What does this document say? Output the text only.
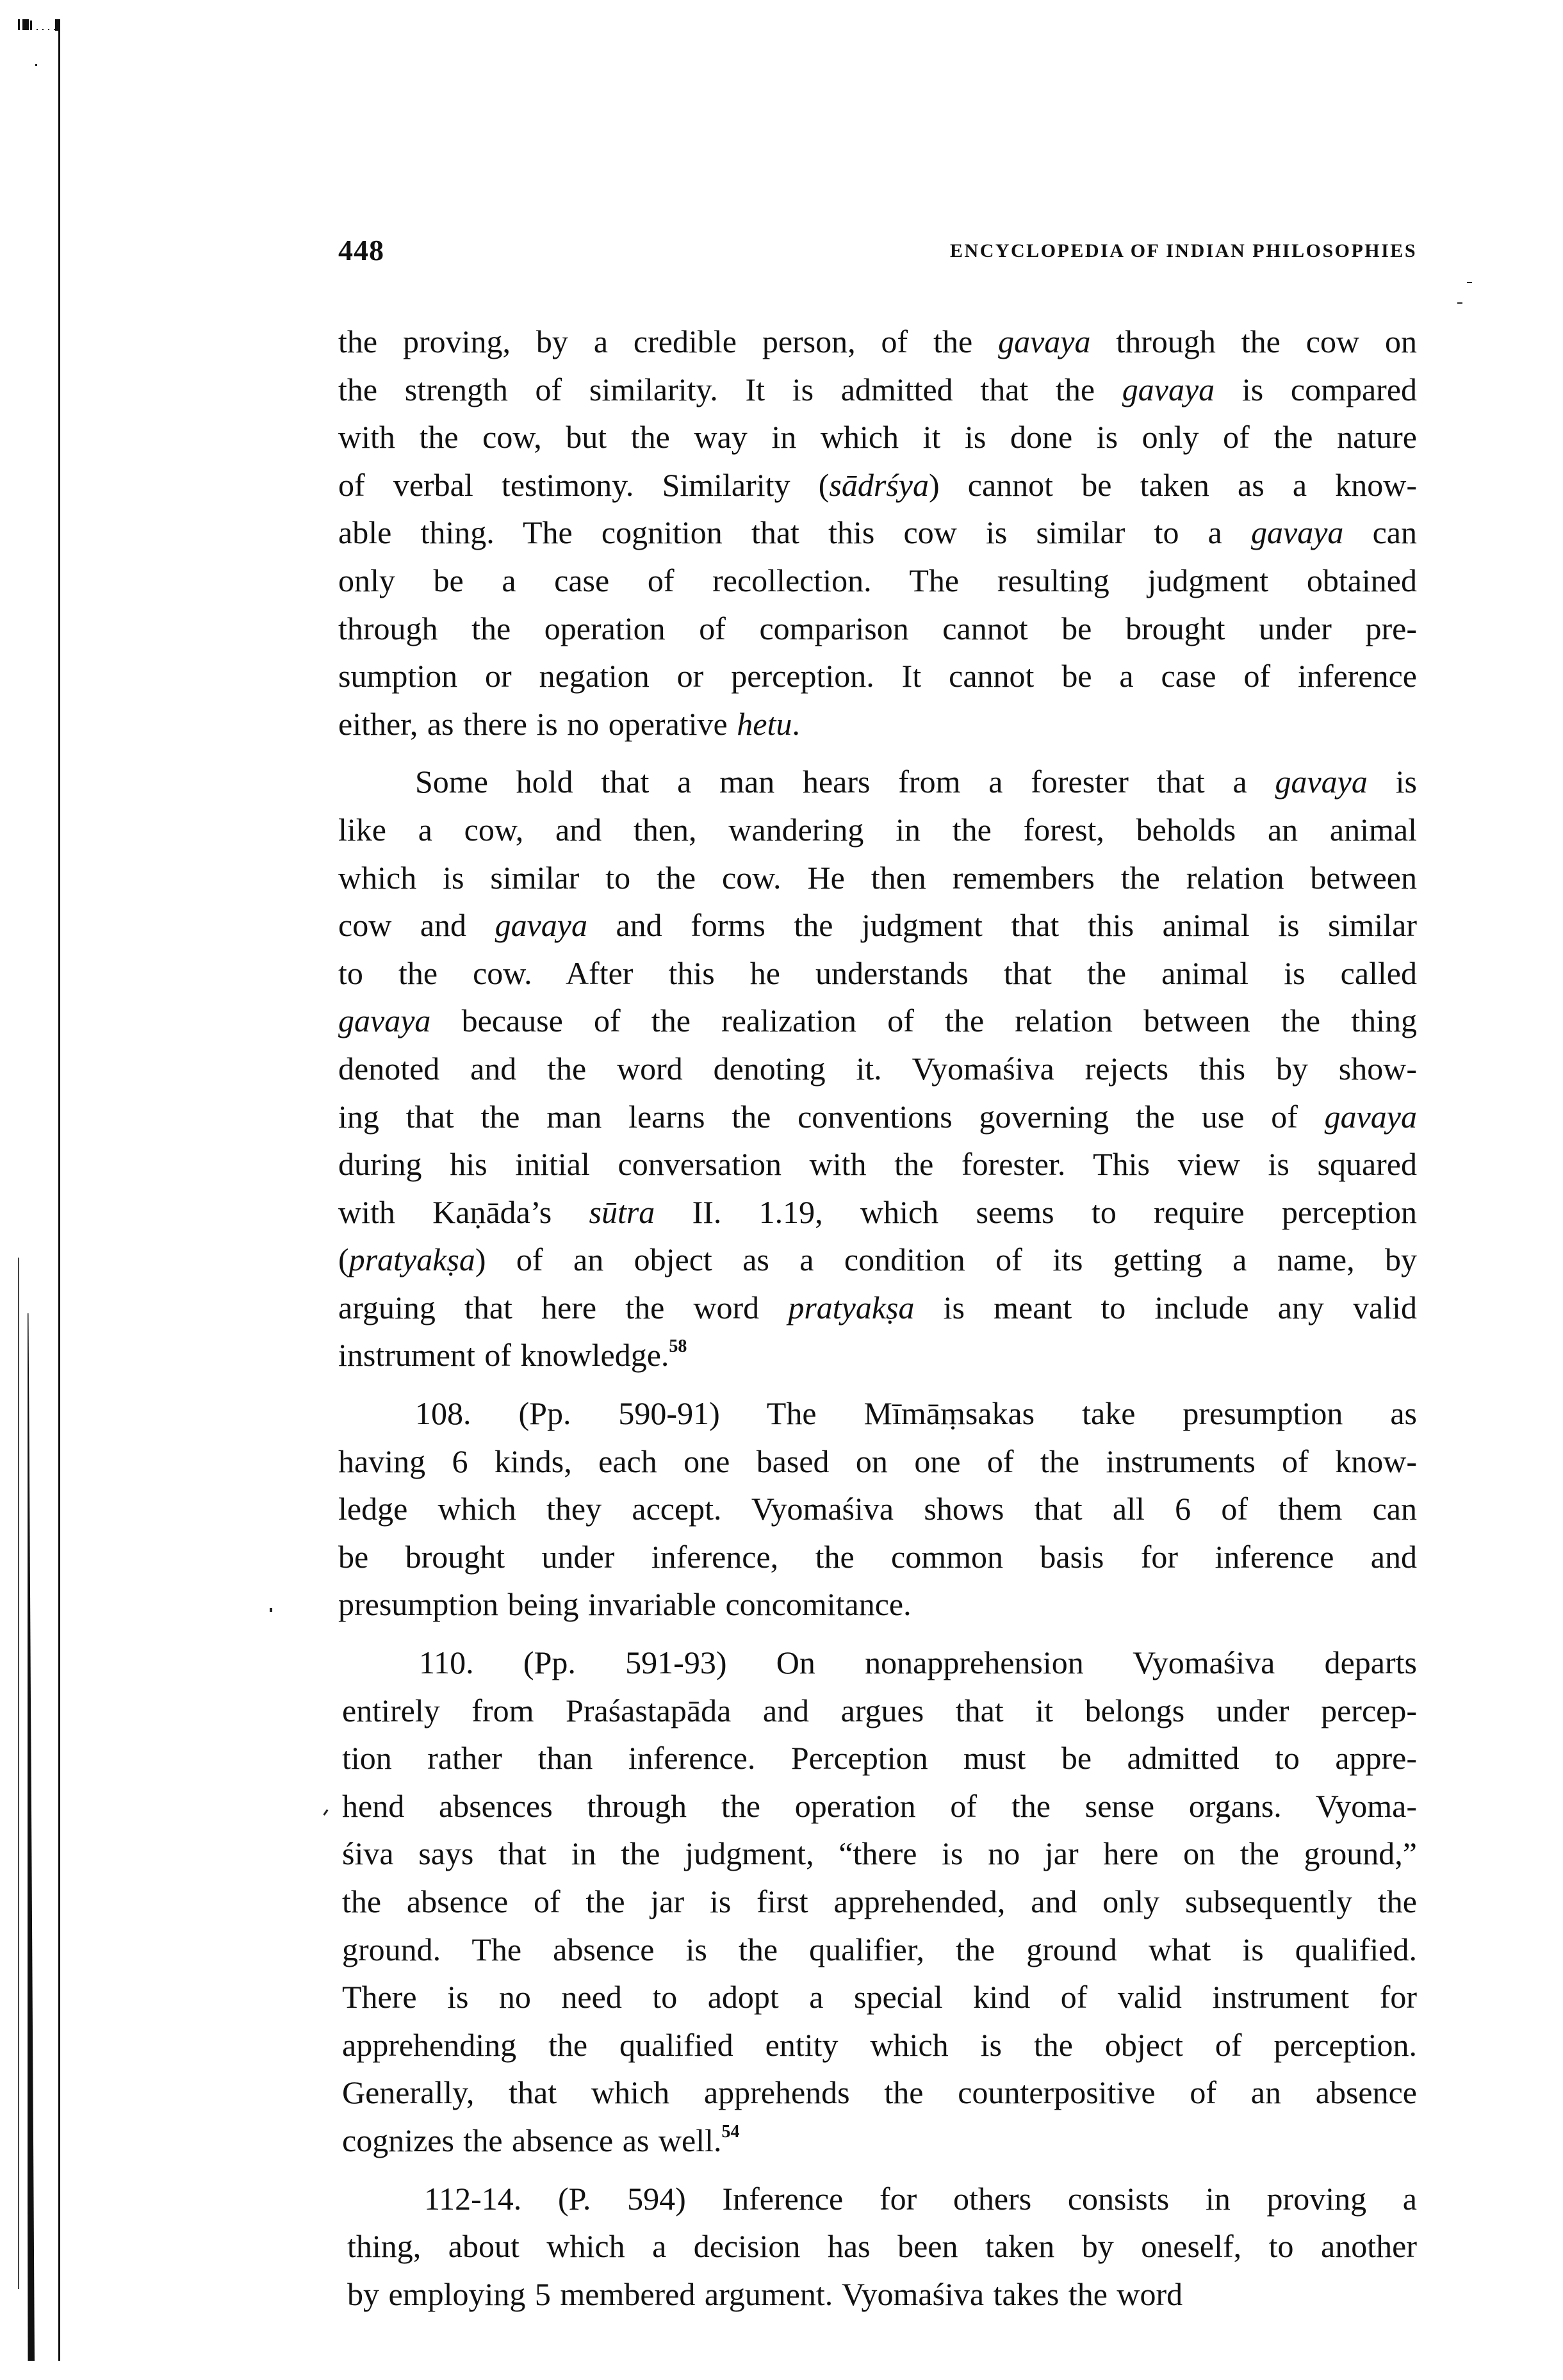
448	ENCYCLOPEDIA OF INDIAN PHILOSOPHIES

the proving, by a credible person, of the gavaya through the cow on
the strength of similarity. It is admitted that the gavaya is compared
with the cow, but the way in which it is done is only of the nature
of verbal testimony. Similarity (sādrśya) cannot be taken as a know-
able thing. The cognition that this cow is similar to a gavaya can
only be a case of recollection. The resulting judgment obtained
through the operation of comparison cannot be brought under pre-
sumption or negation or perception. It cannot be a case of inference
either, as there is no operative hetu.

Some hold that a man hears from a forester that a gavaya is
like a cow, and then, wandering in the forest, beholds an animal
which is similar to the cow. He then remembers the relation between
cow and gavaya and forms the judgment that this animal is similar
to the cow. After this he understands that the animal is called
gavaya because of the realization of the relation between the thing
denoted and the word denoting it. Vyomaśiva rejects this by show-
ing that the man learns the conventions governing the use of gavaya
during his initial conversation with the forester. This view is squared
with Kaṇāda’s sūtra II. 1.19, which seems to require perception
(pratyakṣa) of an object as a condition of its getting a name, by
arguing that here the word pratyakṣa is meant to include any valid
instrument of knowledge.$^{58}$

108. (Pp. 590-91) The Mīmāṃsakas take presumption as
having 6 kinds, each one based on one of the instruments of know-
ledge which they accept. Vyomaśiva shows that all 6 of them can
be brought under inference, the common basis for inference and
presumption being invariable concomitance.

110. (Pp. 591-93) On nonapprehension Vyomaśiva departs
entirely from Praśastapāda and argues that it belongs under percep-
tion rather than inference. Perception must be admitted to appre-
hend absences through the operation of the sense organs. Vyoma-
śiva says that in the judgment, “there is no jar here on the ground,”
the absence of the jar is first apprehended, and only subsequently the
ground. The absence is the qualifier, the ground what is qualified.
There is no need to adopt a special kind of valid instrument for
apprehending the qualified entity which is the object of perception.
Generally, that which apprehends the counterpositive of an absence
cognizes the absence as well.$^{54}$

112-14. (P. 594) Inference for others consists in proving a
thing, about which a decision has been taken by oneself, to another
by employing 5 membered argument. Vyomaśiva takes the word
